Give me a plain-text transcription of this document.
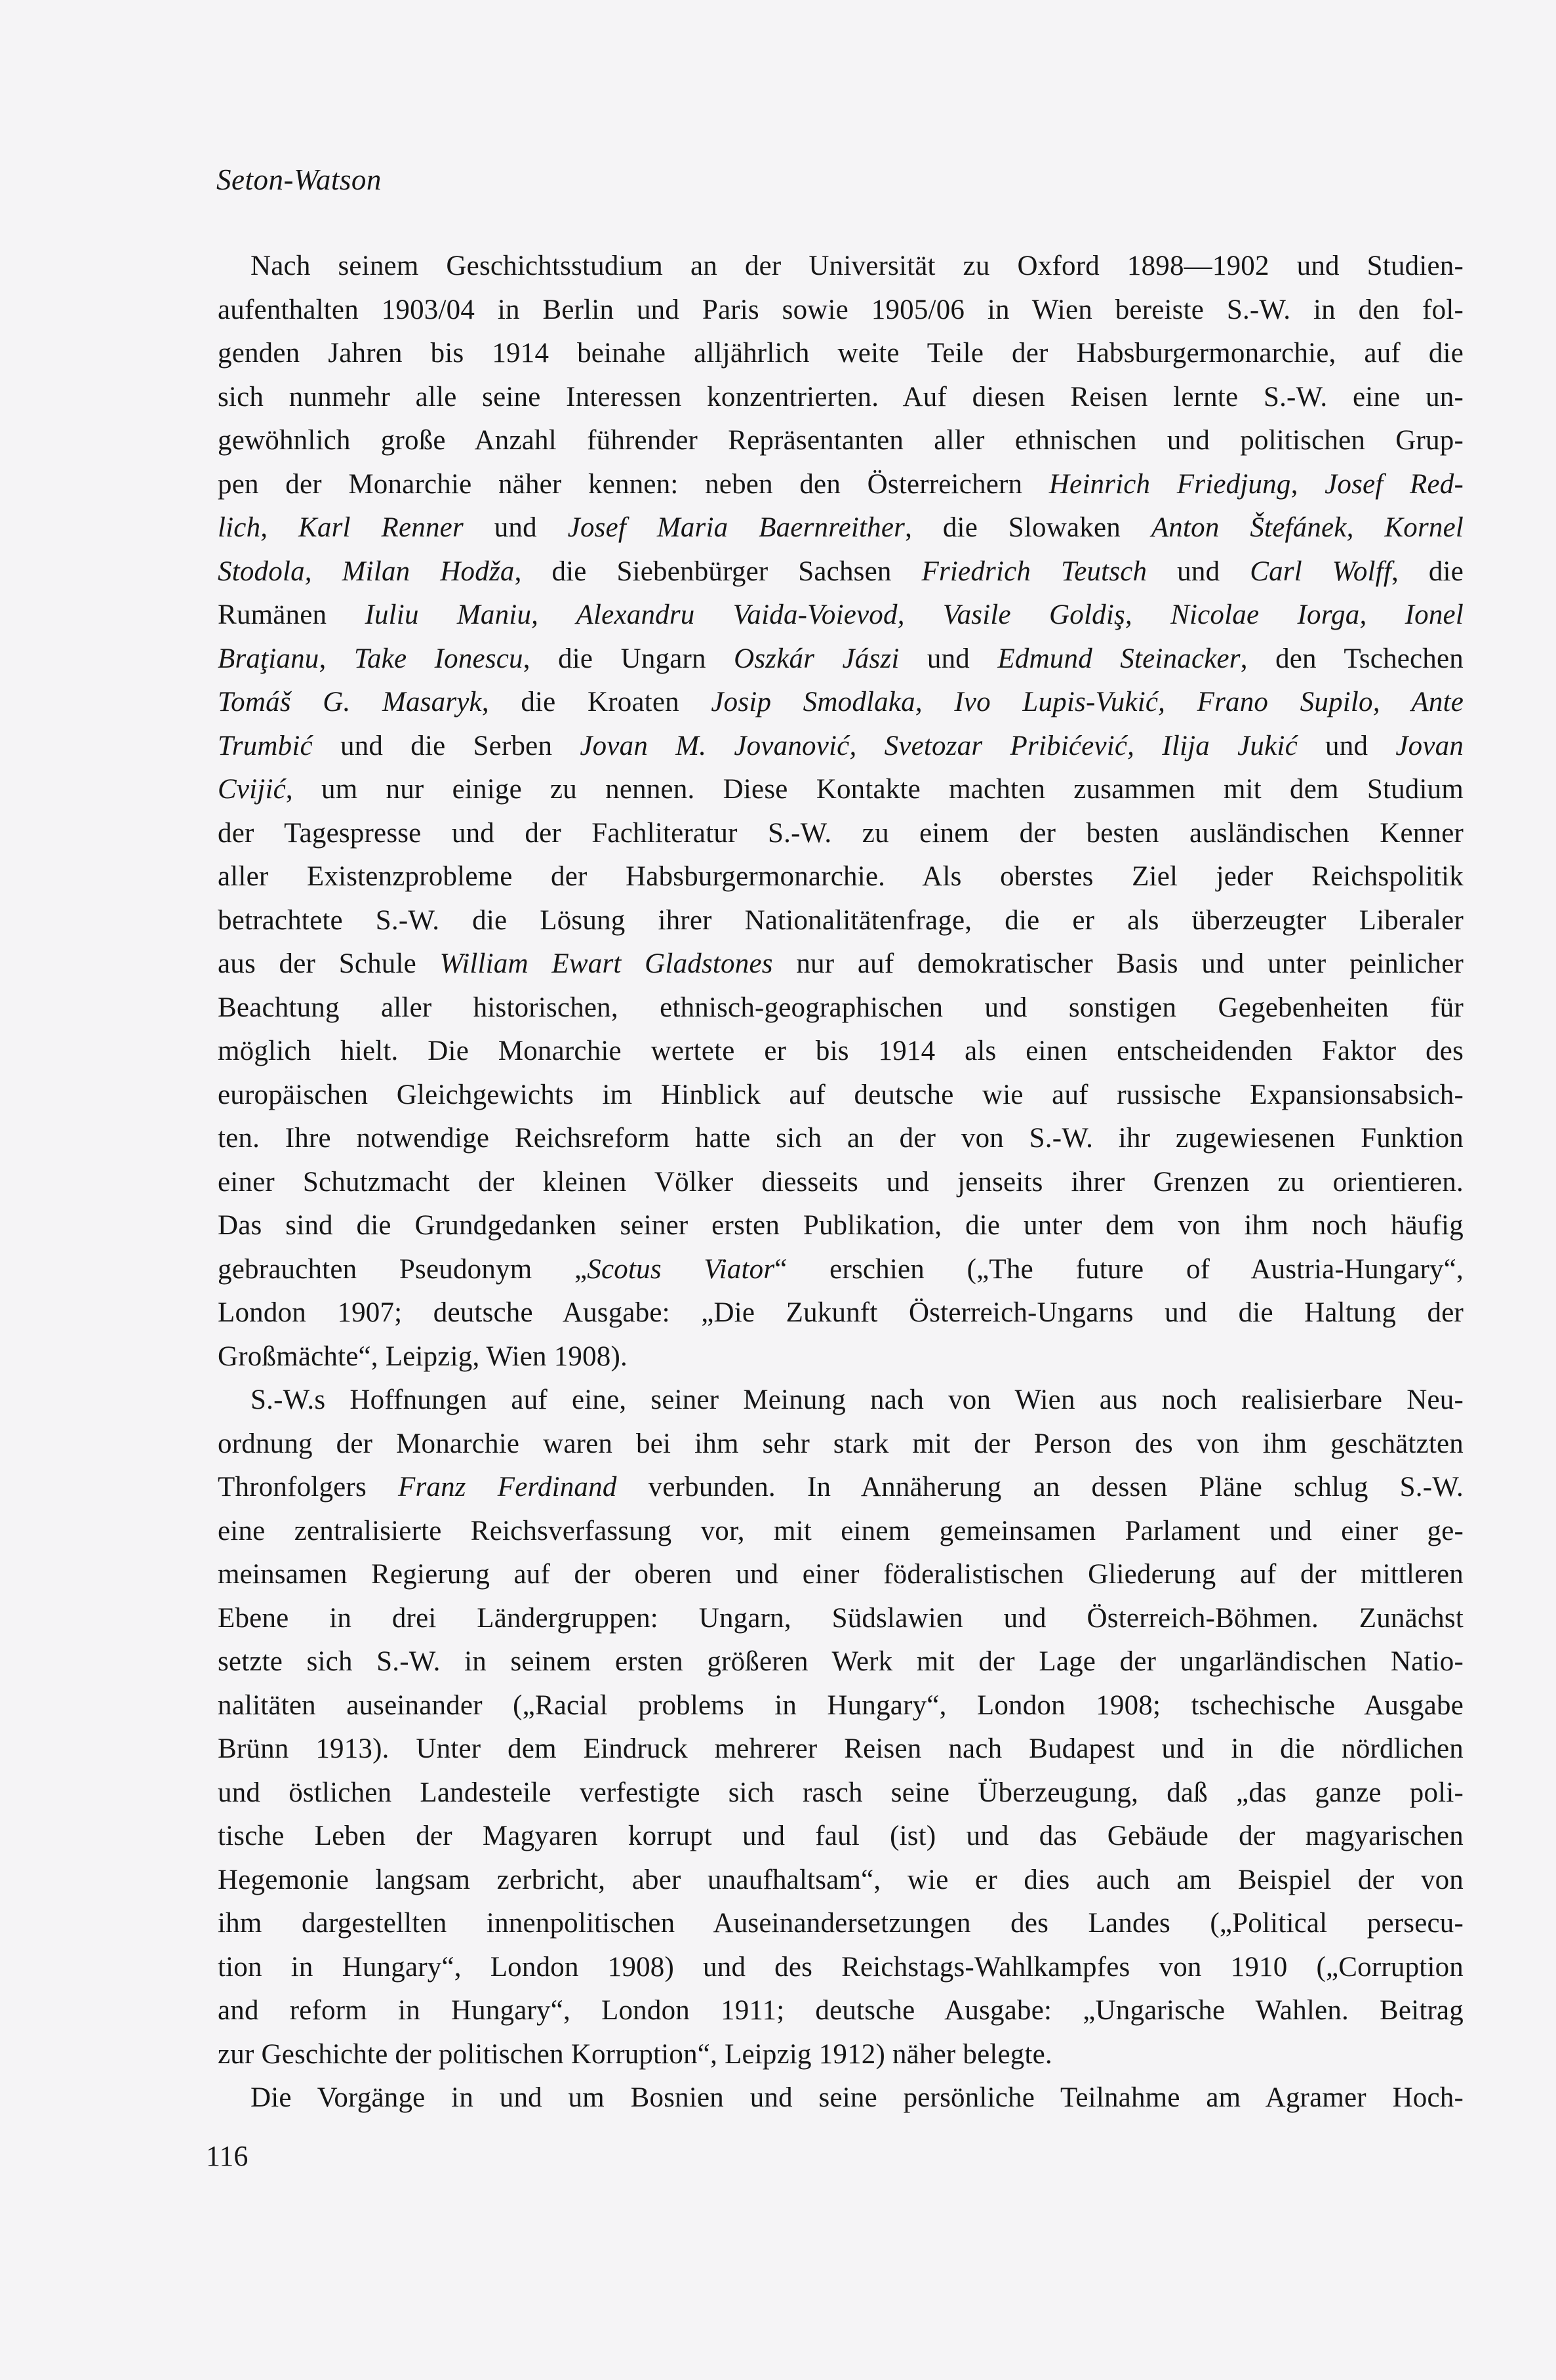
Seton-Watson
Nach seinem Geschichtsstudium an der Universität zu Oxford 1898—1902 und Studien-
aufenthalten 1903/04 in Berlin und Paris sowie 1905/06 in Wien bereiste S.-W. in den fol-
genden Jahren bis 1914 beinahe alljährlich weite Teile der Habsburgermonarchie, auf die
sich nunmehr alle seine Interessen konzentrierten. Auf diesen Reisen lernte S.-W. eine un-
gewöhnlich große Anzahl führender Repräsentanten aller ethnischen und politischen Grup-
pen der Monarchie näher kennen: neben den Österreichern Heinrich Friedjung, Josef Red-
lich, Karl Renner und Josef Maria Baernreither, die Slowaken Anton Štefánek, Kornel
Stodola, Milan Hodža, die Siebenbürger Sachsen Friedrich Teutsch und Carl Wolff, die
Rumänen Iuliu Maniu, Alexandru Vaida-Voievod, Vasile Goldiş, Nicolae Iorga, Ionel
Braţianu, Take Ionescu, die Ungarn Oszkár Jászi und Edmund Steinacker, den Tschechen
Tomáš G. Masaryk, die Kroaten Josip Smodlaka, Ivo Lupis-Vukić, Frano Supilo, Ante
Trumbić und die Serben Jovan M. Jovanović, Svetozar Pribićević, Ilija Jukić und Jovan
Cvijić, um nur einige zu nennen. Diese Kontakte machten zusammen mit dem Studium
der Tagespresse und der Fachliteratur S.-W. zu einem der besten ausländischen Kenner
aller Existenzprobleme der Habsburgermonarchie. Als oberstes Ziel jeder Reichspolitik
betrachtete S.-W. die Lösung ihrer Nationalitätenfrage, die er als überzeugter Liberaler
aus der Schule William Ewart Gladstones nur auf demokratischer Basis und unter peinlicher
Beachtung aller historischen, ethnisch-geographischen und sonstigen Gegebenheiten für
möglich hielt. Die Monarchie wertete er bis 1914 als einen entscheidenden Faktor des
europäischen Gleichgewichts im Hinblick auf deutsche wie auf russische Expansionsabsich-
ten. Ihre notwendige Reichsreform hatte sich an der von S.-W. ihr zugewiesenen Funktion
einer Schutzmacht der kleinen Völker diesseits und jenseits ihrer Grenzen zu orientieren.
Das sind die Grundgedanken seiner ersten Publikation, die unter dem von ihm noch häufig
gebrauchten Pseudonym „Scotus Viator“ erschien („The future of Austria-Hungary“,
London 1907; deutsche Ausgabe: „Die Zukunft Österreich-Ungarns und die Haltung der
Großmächte“, Leipzig, Wien 1908).
S.-W.s Hoffnungen auf eine, seiner Meinung nach von Wien aus noch realisierbare Neu-
ordnung der Monarchie waren bei ihm sehr stark mit der Person des von ihm geschätzten
Thronfolgers Franz Ferdinand verbunden. In Annäherung an dessen Pläne schlug S.-W.
eine zentralisierte Reichsverfassung vor, mit einem gemeinsamen Parlament und einer ge-
meinsamen Regierung auf der oberen und einer föderalistischen Gliederung auf der mittleren
Ebene in drei Ländergruppen: Ungarn, Südslawien und Österreich-Böhmen. Zunächst
setzte sich S.-W. in seinem ersten größeren Werk mit der Lage der ungarländischen Natio-
nalitäten auseinander („Racial problems in Hungary“, London 1908; tschechische Ausgabe
Brünn 1913). Unter dem Eindruck mehrerer Reisen nach Budapest und in die nördlichen
und östlichen Landesteile verfestigte sich rasch seine Überzeugung, daß „das ganze poli-
tische Leben der Magyaren korrupt und faul (ist) und das Gebäude der magyarischen
Hegemonie langsam zerbricht, aber unaufhaltsam“, wie er dies auch am Beispiel der von
ihm dargestellten innenpolitischen Auseinandersetzungen des Landes („Political persecu-
tion in Hungary“, London 1908) und des Reichstags-Wahlkampfes von 1910 („Corruption
and reform in Hungary“, London 1911; deutsche Ausgabe: „Ungarische Wahlen. Beitrag
zur Geschichte der politischen Korruption“, Leipzig 1912) näher belegte.
Die Vorgänge in und um Bosnien und seine persönliche Teilnahme am Agramer Hoch-
116
